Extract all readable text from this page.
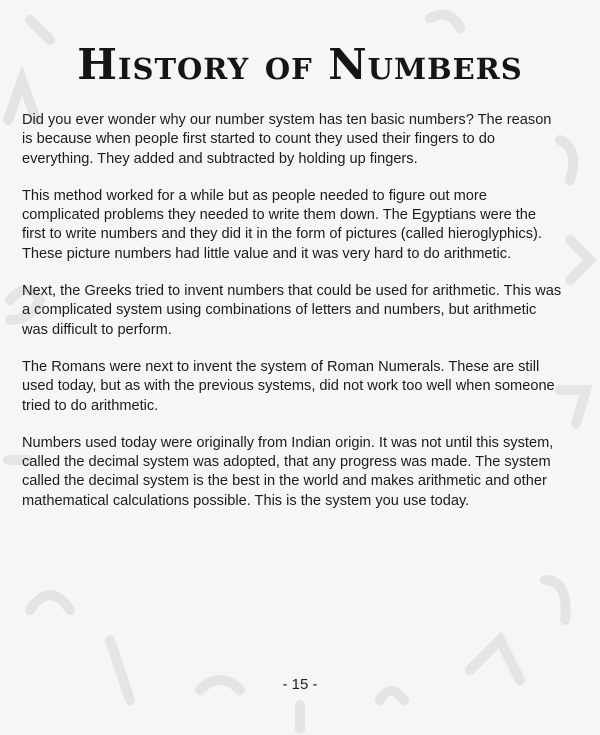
History of Numbers

Did you ever wonder why our number system has ten basic numbers? The reason is because when people first started to count they used their fingers to do everything. They added and subtracted by holding up fingers.

This method worked for a while but as people needed to figure out more complicated problems they needed to write them down. The Egyptians were the first to write numbers and they did it in the form of pictures (called hieroglyphics). These picture numbers had little value and it was very hard to do arithmetic.

Next, the Greeks tried to invent numbers that could be used for arithmetic. This was a complicated system using combinations of letters and numbers, but arithmetic was difficult to perform.

The Romans were next to invent the system of Roman Numerals. These are still used today, but as with the previous systems, did not work too well when someone tried to do arithmetic.

Numbers used today were originally from Indian origin. It was not until this system, called the decimal system was adopted, that any progress was made. The system called the decimal system is the best in the world and makes arithmetic and other mathematical calculations possible. This is the system you use today.

- 15 -
